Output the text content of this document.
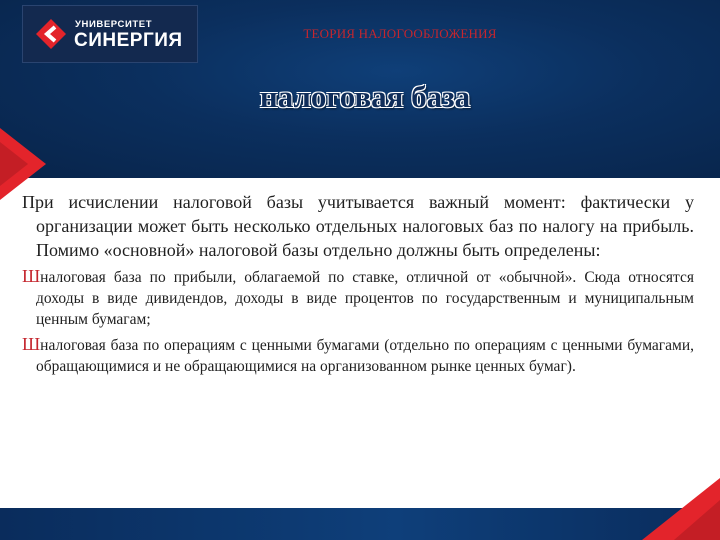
УНИВЕРСИТЕТ
СИНЕРГИЯ	ТЕОРИЯ НАЛОГООБЛОЖЕНИЯ
налоговая база

При исчислении налоговой базы учитывается важный момент: фактически у организации может быть несколько отдельных налоговых баз по налогу на прибыль. Помимо «основной» налоговой базы отдельно должны быть определены:

Шналоговая база по прибыли, облагаемой по ставке, отличной от «обычной». Сюда относятся доходы в виде дивидендов, доходы в виде процентов по государственным и муниципальным ценным бумагам;

Шналоговая база по операциям с ценными бумагами (отдельно по операциям с ценными бумагами, обращающимися и не обращающимися на организованном рынке ценных бумаг).
